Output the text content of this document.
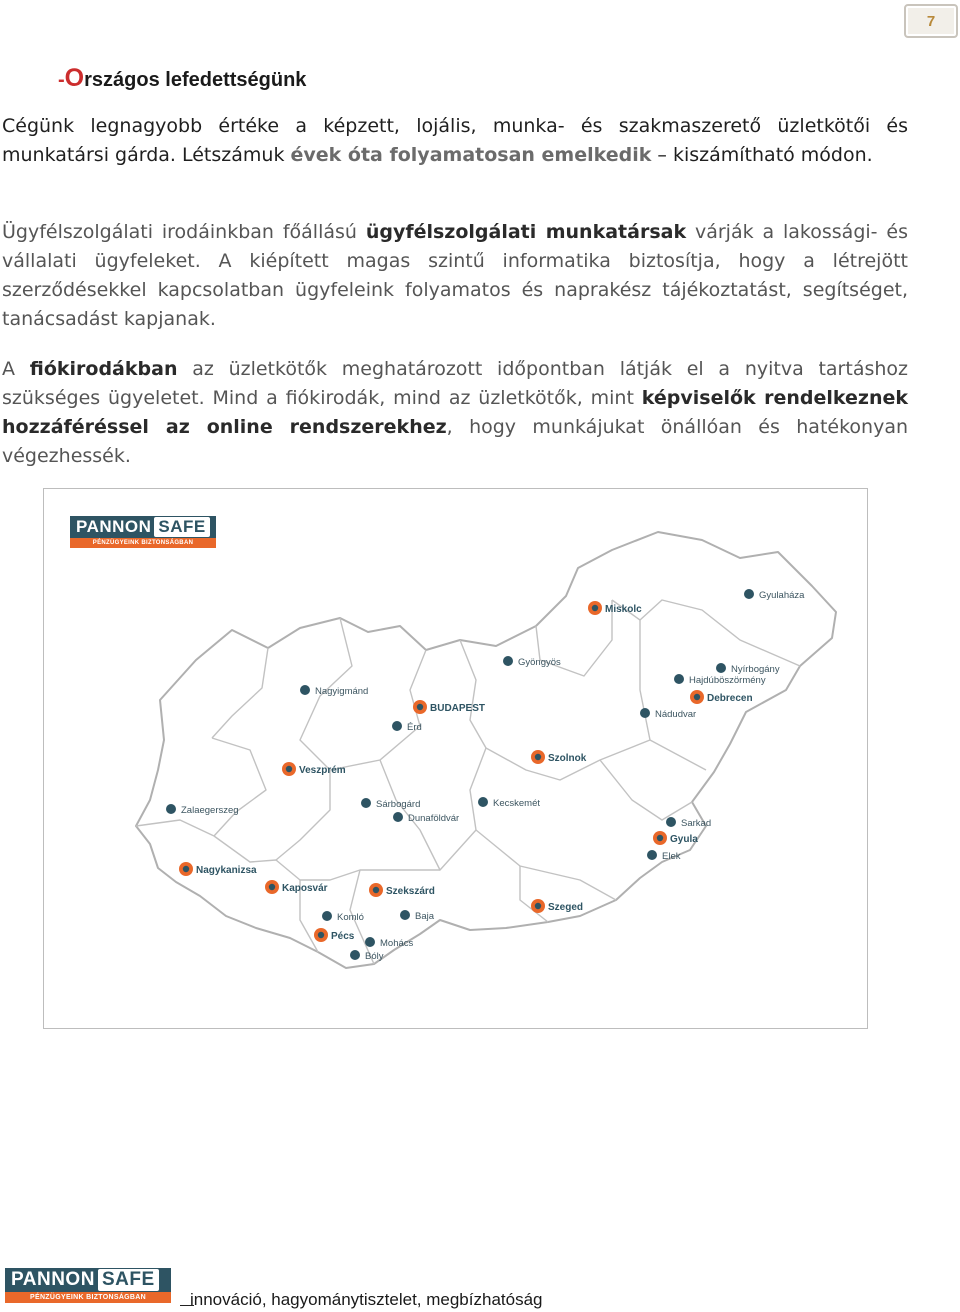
7
-Országos lefedettségünk
Cégünk legnagyobb értéke a képzett, lojális, munka- és szakmaszerető üzletkötői és munkatársi gárda. Létszámuk évek óta folyamatosan emelkedik – kiszámítható módon.
Ügyfélszolgálati irodáinkban főállású ügyfélszolgálati munkatársak várják a lakossági- és vállalati ügyfeleket. A kiépített magas szintű informatika biztosítja, hogy a létrejött szerződésekkel kapcsolatban ügyfeleink folyamatos és naprakész tájékoztatást, segítséget, tanácsadást kapjanak.
A fiókirodákban az üzletkötők meghatározott időpontban látják el a nyitva tartáshoz szükséges ügyeletet. Mind a fiókirodák, mind az üzletkötők, mint képviselők rendelkeznek hozzáféréssel az online rendszerekhez, hogy munkájukat önállóan és hatékonyan végezhessék.
PANNON SAFE
PÉNZÜGYEINK BIZTONSÁGBAN
Miskolc
Gyulaháza
Gyöngyös
Nyírbogány
Hajdúböszörmény
Debrecen
Nádudvar
Nagyigmánd
BUDAPEST
Érd
Szolnok
Veszprém
Zalaegerszeg
Sárbogárd
Dunaföldvár
Kecskemét
Sarkad
Gyula
Elek
Nagykanizsa
Kaposvár	Szekszárd
Szeged
Komló	Baja
Pécs
Mohács
Bóly
PANNON SAFE
PÉNZÜGYEINK BIZTONSÁGBAN	innováció, hagyománytisztelet, megbízhatóság
